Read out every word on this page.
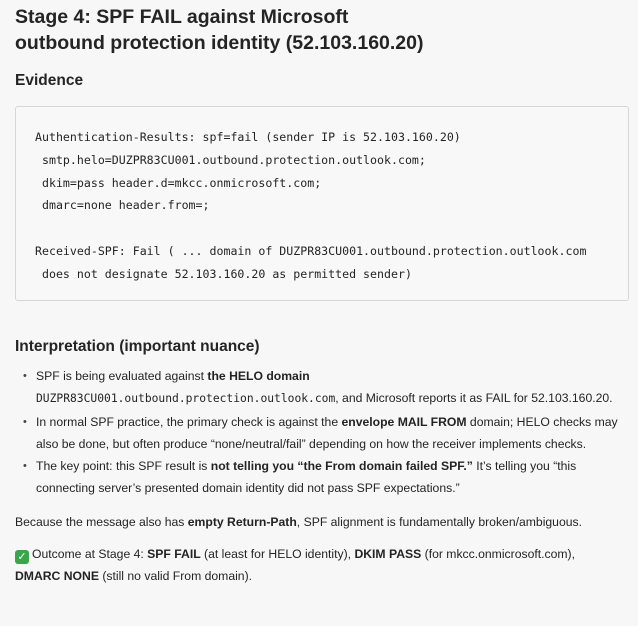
Stage 4: SPF FAIL against Microsoft outbound protection identity (52.103.160.20)
Evidence
Authentication-Results: spf=fail (sender IP is 52.103.160.20)
smtp.helo=DUZPR83CU001.outbound.protection.outlook.com;
dkim=pass header.d=mkcc.onmicrosoft.com;
dmarc=none header.from=;

Received-SPF: Fail ( ... domain of DUZPR83CU001.outbound.protection.outlook.com
does not designate 52.103.160.20 as permitted sender)
Interpretation (important nuance)
• SPF is being evaluated against the HELO domain
DUZPR83CU001.outbound.protection.outlook.com, and Microsoft reports it as FAIL for 52.103.160.20.
• In normal SPF practice, the primary check is against the envelope MAIL FROM domain; HELO checks may also be done, but often produce “none/neutral/fail” depending on how the receiver implements checks.
• The key point: this SPF result is not telling you “the From domain failed SPF.” It’s telling you “this connecting server’s presented domain identity did not pass SPF expectations.”

Because the message also has empty Return-Path, SPF alignment is fundamentally broken/ambiguous.

✓ Outcome at Stage 4: SPF FAIL (at least for HELO identity), DKIM PASS (for mkcc.onmicrosoft.com), DMARC NONE (still no valid From domain).
